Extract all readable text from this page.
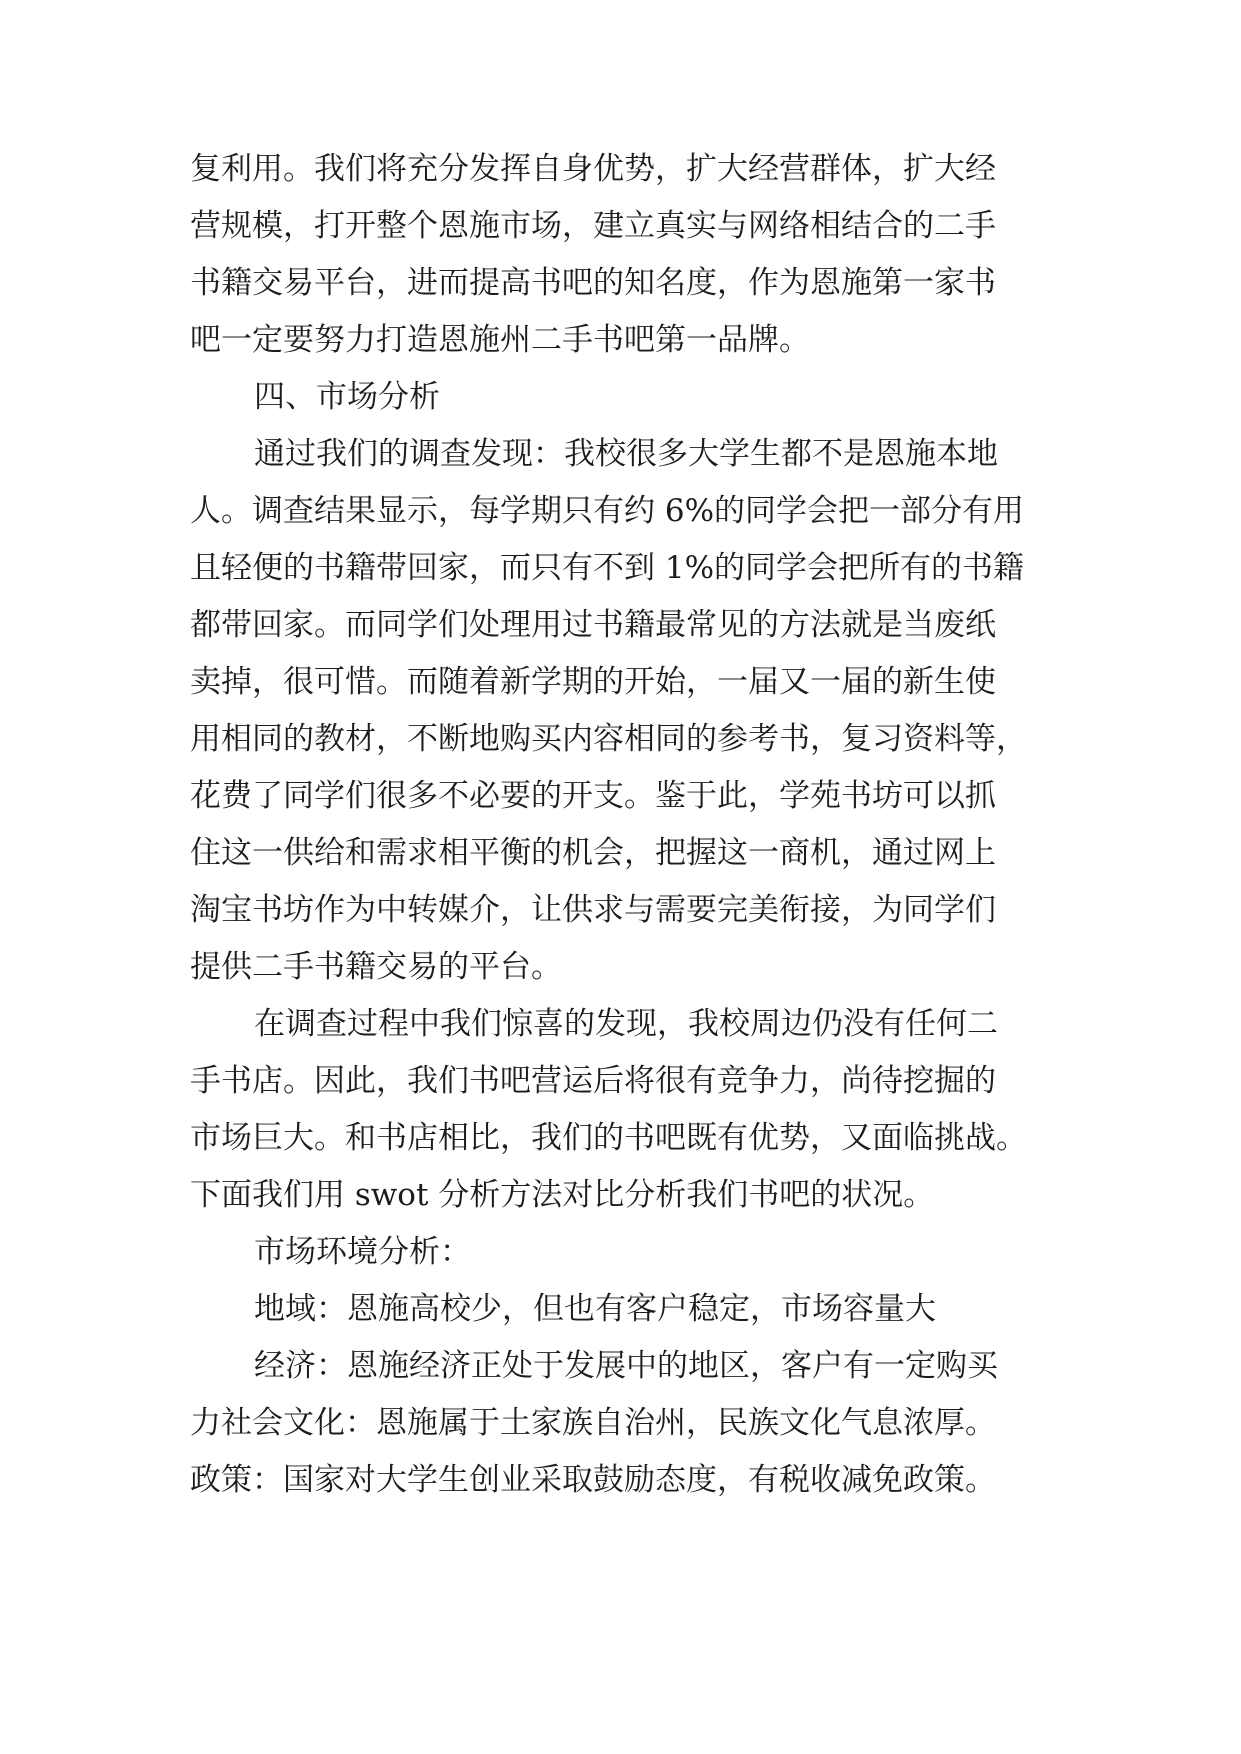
复利用。我们将充分发挥自身优势，扩大经营群体，扩大经

营规模，打开整个恩施市场，建立真实与网络相结合的二手

书籍交易平台，进而提高书吧的知名度，作为恩施第一家书

吧一定要努力打造恩施州二手书吧第一品牌。

四、市场分析

通过我们的调查发现：我校很多大学生都不是恩施本地

人。调查结果显示，每学期只有约 6%的同学会把一部分有用

且轻便的书籍带回家，而只有不到 1%的同学会把所有的书籍

都带回家。而同学们处理用过书籍最常见的方法就是当废纸

卖掉，很可惜。而随着新学期的开始，一届又一届的新生使

用相同的教材，不断地购买内容相同的参考书，复习资料等，

花费了同学们很多不必要的开支。鉴于此，学苑书坊可以抓

住这一供给和需求相平衡的机会，把握这一商机，通过网上

淘宝书坊作为中转媒介，让供求与需要完美衔接，为同学们

提供二手书籍交易的平台。

在调查过程中我们惊喜的发现，我校周边仍没有任何二

手书店。因此，我们书吧营运后将很有竞争力，尚待挖掘的

市场巨大。和书店相比，我们的书吧既有优势，又面临挑战。

下面我们用 swot 分析方法对比分析我们书吧的状况。

市场环境分析：

地域：恩施高校少，但也有客户稳定，市场容量大

经济：恩施经济正处于发展中的地区，客户有一定购买

力社会文化：恩施属于土家族自治州，民族文化气息浓厚。

政策：国家对大学生创业采取鼓励态度，有税收减免政策。
